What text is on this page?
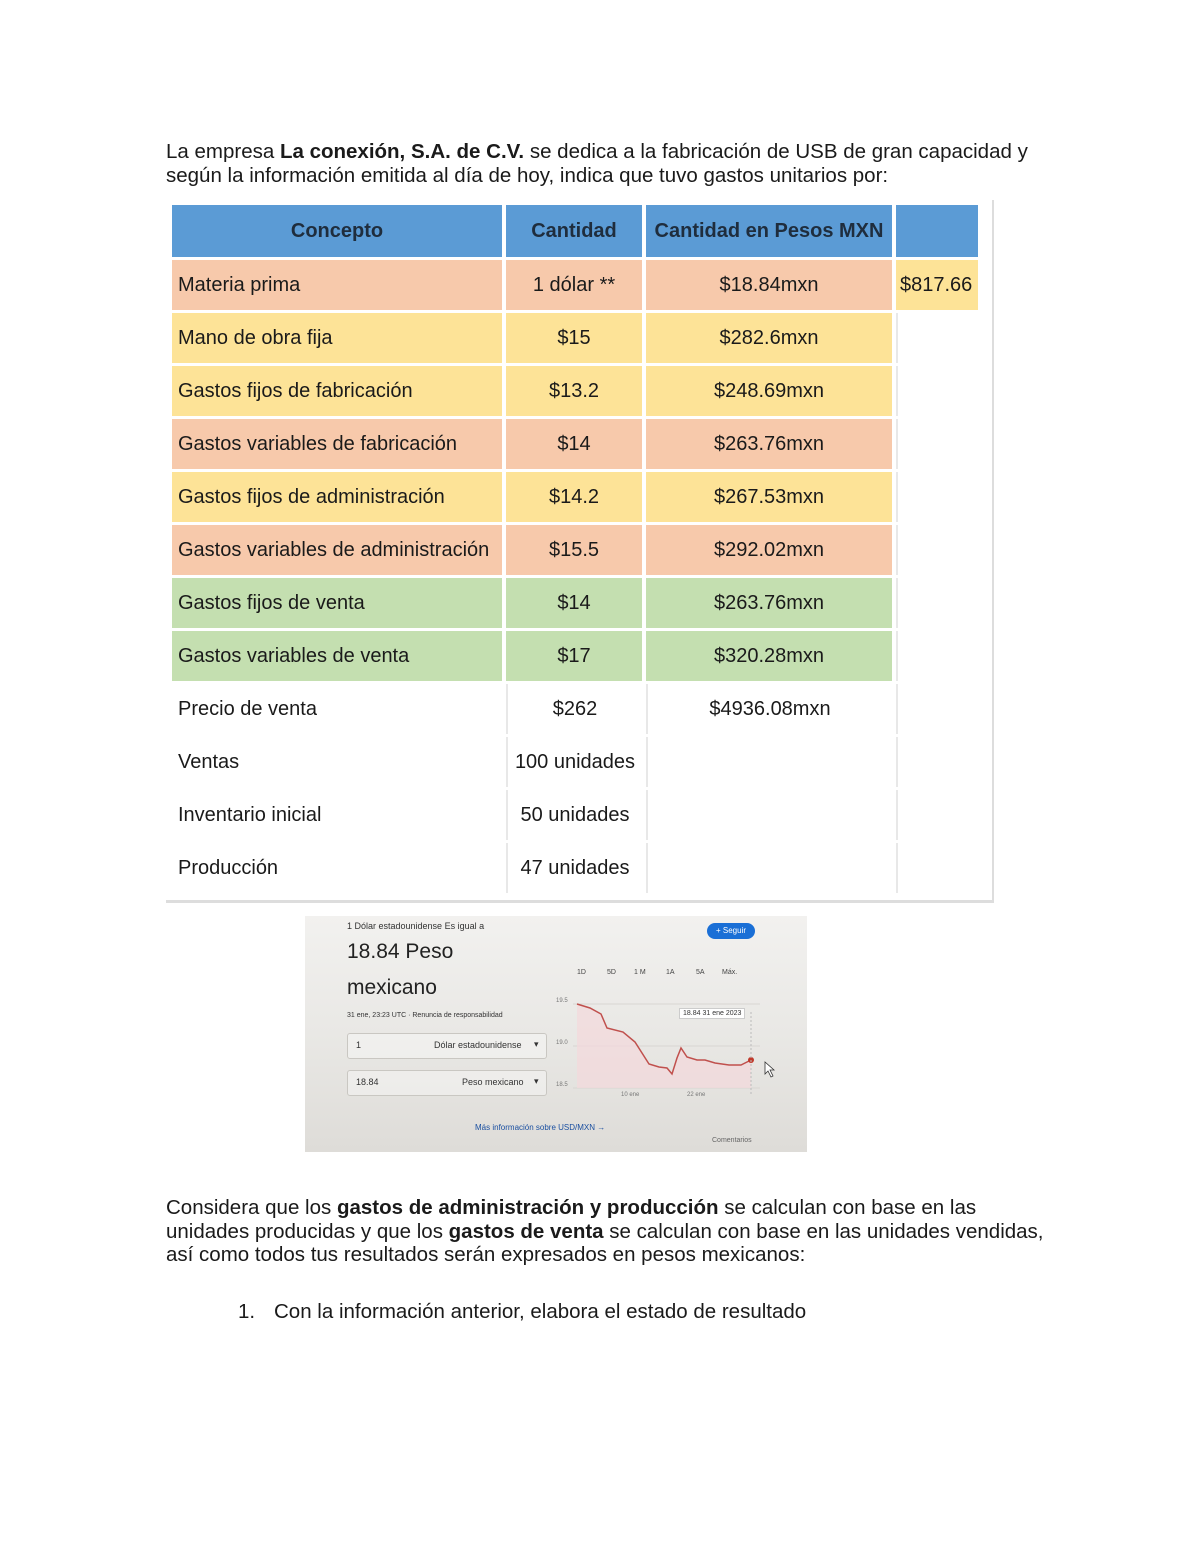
La empresa La conexión, S.A. de C.V. se dedica a la fabricación de USB de gran capacidad y según la información emitida al día de hoy, indica que tuvo gastos unitarios por:
Concepto	Cantidad	Cantidad en Pesos MXN	
Materia prima	1 dólar **	$18.84mxn	$817.66
Mano de obra fija	$15	$282.6mxn	
Gastos fijos de fabricación	$13.2	$248.69mxn	
Gastos variables de fabricación	$14	$263.76mxn	
Gastos fijos de administración	$14.2	$267.53mxn	
Gastos variables de administración	$15.5	$292.02mxn	
Gastos fijos de venta	$14	$263.76mxn	
Gastos variables de venta	$17	$320.28mxn	
Precio de venta	$262	$4936.08mxn	
Ventas	100 unidades		
Inventario inicial	50 unidades		
Producción	47 unidades		
1 Dólar estadounidense Es igual a
18.84 Peso
mexicano
31 ene, 23:23 UTC · Renuncia de responsabilidad
+ Seguir
1D	5D	1 M	1A	5A Máx.
1	Dólar estadounidense ▾
18.84	Peso mexicano ▾
18.84 31 ene 2023
19.5
19.0
18.5
10 ene	22 ene
Más información sobre USD/MXN →
Comentarios
Considera que los gastos de administración y producción se calculan con base en las unidades producidas y que los gastos de venta se calculan con base en las unidades vendidas, así como todos tus resultados serán expresados en pesos mexicanos:
1. Con la información anterior, elabora el estado de resultado
